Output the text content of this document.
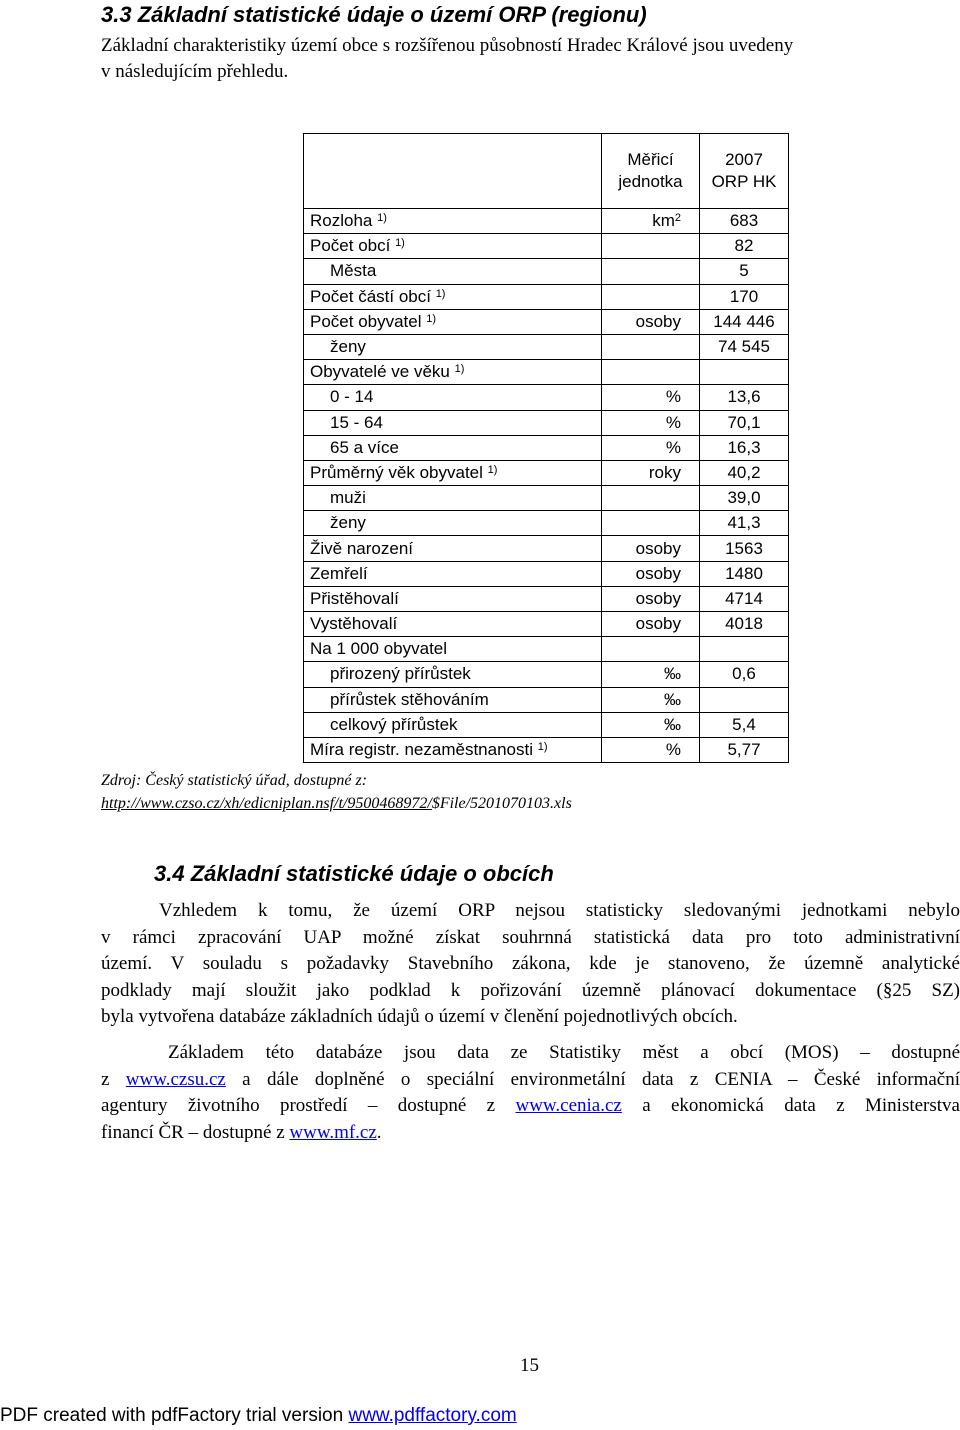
3.3 Základní statistické údaje o území ORP (regionu)
Základní charakteristiky území obce s rozšířenou působností Hradec Králové jsou uvedeny
v následujícím přehledu.
	Měřicí jednotka	2007
ORP HK

Rozloha $^{1)}$	$km^2$	683
Počet obcí $^{1)}$		82
Města		5
Počet částí obcí $^{1)}$		170
Počet obyvatel $^{1)}$	osoby	144 446
ženy		74 545
Obyvatelé ve věku $^{1)}$		
0 - 14	%	13,6
15 - 64	%	70,1
65 a více	%	16,3
Průměrný věk obyvatel $^{1)}$	roky	40,2
muži		39,0
ženy		41,3
Živě narození	osoby	1563
Zemřelí	osoby	1480
Přistěhovalí	osoby	4714
Vystěhovalí	osoby	4018
Na 1 000 obyvatel		
přirozený přírůstek	‰	0,6
přírůstek stěhováním	‰	
celkový přírůstek	‰	5,4
Míra registr. nezaměstnanosti $^{1)}$	%	5,77
Zdroj: Český statistický úřad, dostupné z:
http://www.czso.cz/xh/edicniplan.nsf/t/9500468972/$File/5201070103.xls
3.4 Základní statistické údaje o obcích
Vzhledem k tomu, že území ORP nejsou statisticky sledovanými jednotkami nebylo
v rámci zpracování UAP možné získat souhrnná statistická data pro toto administrativní
území. V souladu s požadavky Stavebního zákona, kde je stanoveno, že územně analytické
podklady mají sloužit jako podklad k pořizování územně plánovací dokumentace (§25 SZ)
byla vytvořena databáze základních údajů o území v členění pojednotlivých obcích.
Základem této databáze jsou data ze Statistiky měst a obcí (MOS) – dostupné
z www.czsu.cz a dále doplněné o speciální environmetální data z CENIA – České informační
agentury životního prostředí – dostupné z www.cenia.cz a ekonomická data z Ministerstva
financí ČR – dostupné z www.mf.cz.
15
PDF created with pdfFactory trial version www.pdffactory.com
